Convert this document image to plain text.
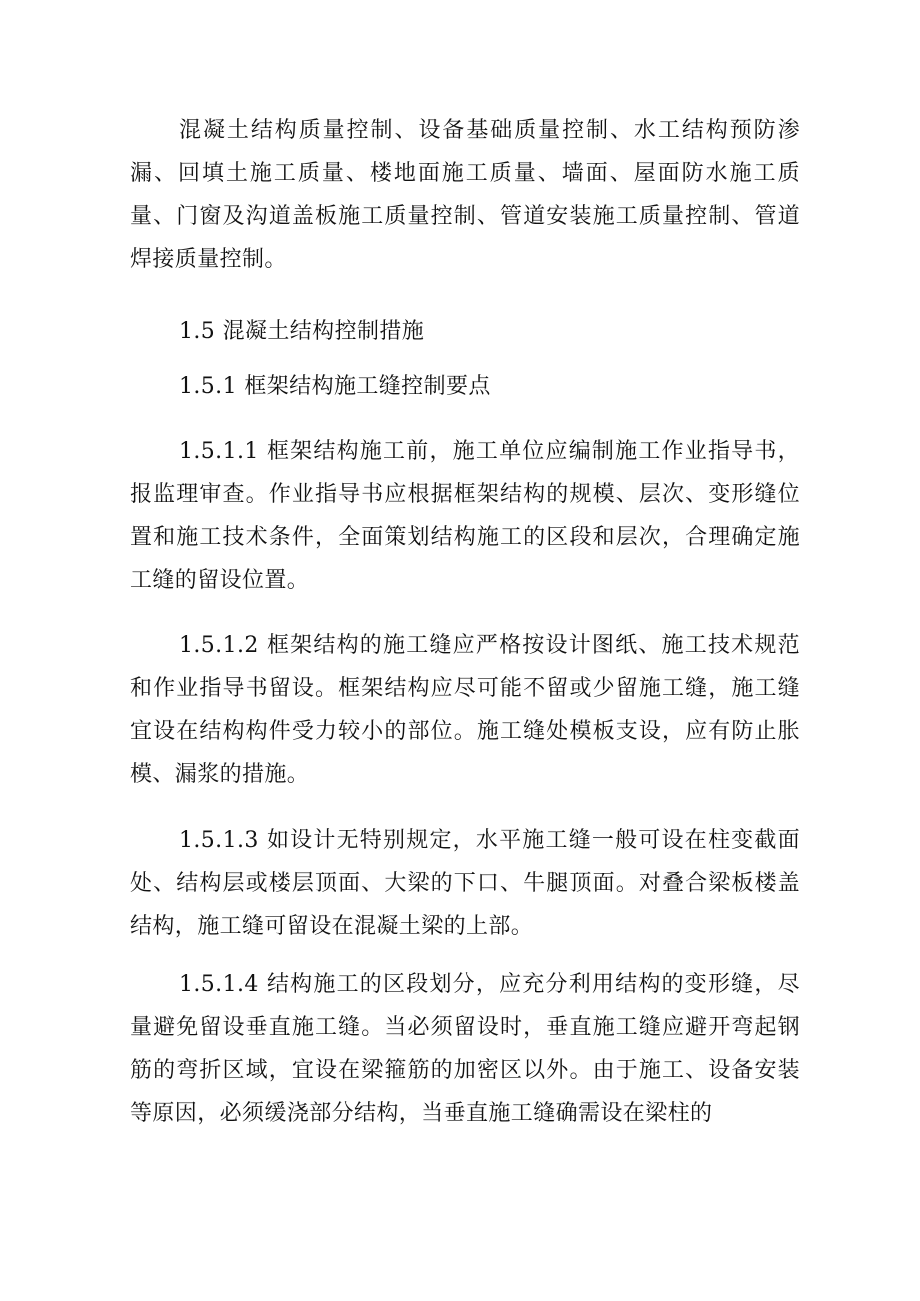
混凝土结构质量控制、设备基础质量控制、水工结构预防渗漏、回填土施工质量、楼地面施工质量、墙面、屋面防水施工质量、门窗及沟道盖板施工质量控制、管道安装施工质量控制、管道焊接质量控制。

1.5 混凝土结构控制措施

1.5.1 框架结构施工缝控制要点

1.5.1.1 框架结构施工前，施工单位应编制施工作业指导书，报监理审查。作业指导书应根据框架结构的规模、层次、变形缝位置和施工技术条件，全面策划结构施工的区段和层次，合理确定施工缝的留设位置。

1.5.1.2 框架结构的施工缝应严格按设计图纸、施工技术规范和作业指导书留设。框架结构应尽可能不留或少留施工缝，施工缝宜设在结构构件受力较小的部位。施工缝处模板支设，应有防止胀模、漏浆的措施。

1.5.1.3 如设计无特别规定，水平施工缝一般可设在柱变截面处、结构层或楼层顶面、大梁的下口、牛腿顶面。对叠合梁板楼盖结构，施工缝可留设在混凝土梁的上部。

1.5.1.4 结构施工的区段划分，应充分利用结构的变形缝，尽量避免留设垂直施工缝。当必须留设时，垂直施工缝应避开弯起钢筋的弯折区域，宜设在梁箍筋的加密区以外。由于施工、设备安装等原因，必须缓浇部分结构，当垂直施工缝确需设在梁柱的
